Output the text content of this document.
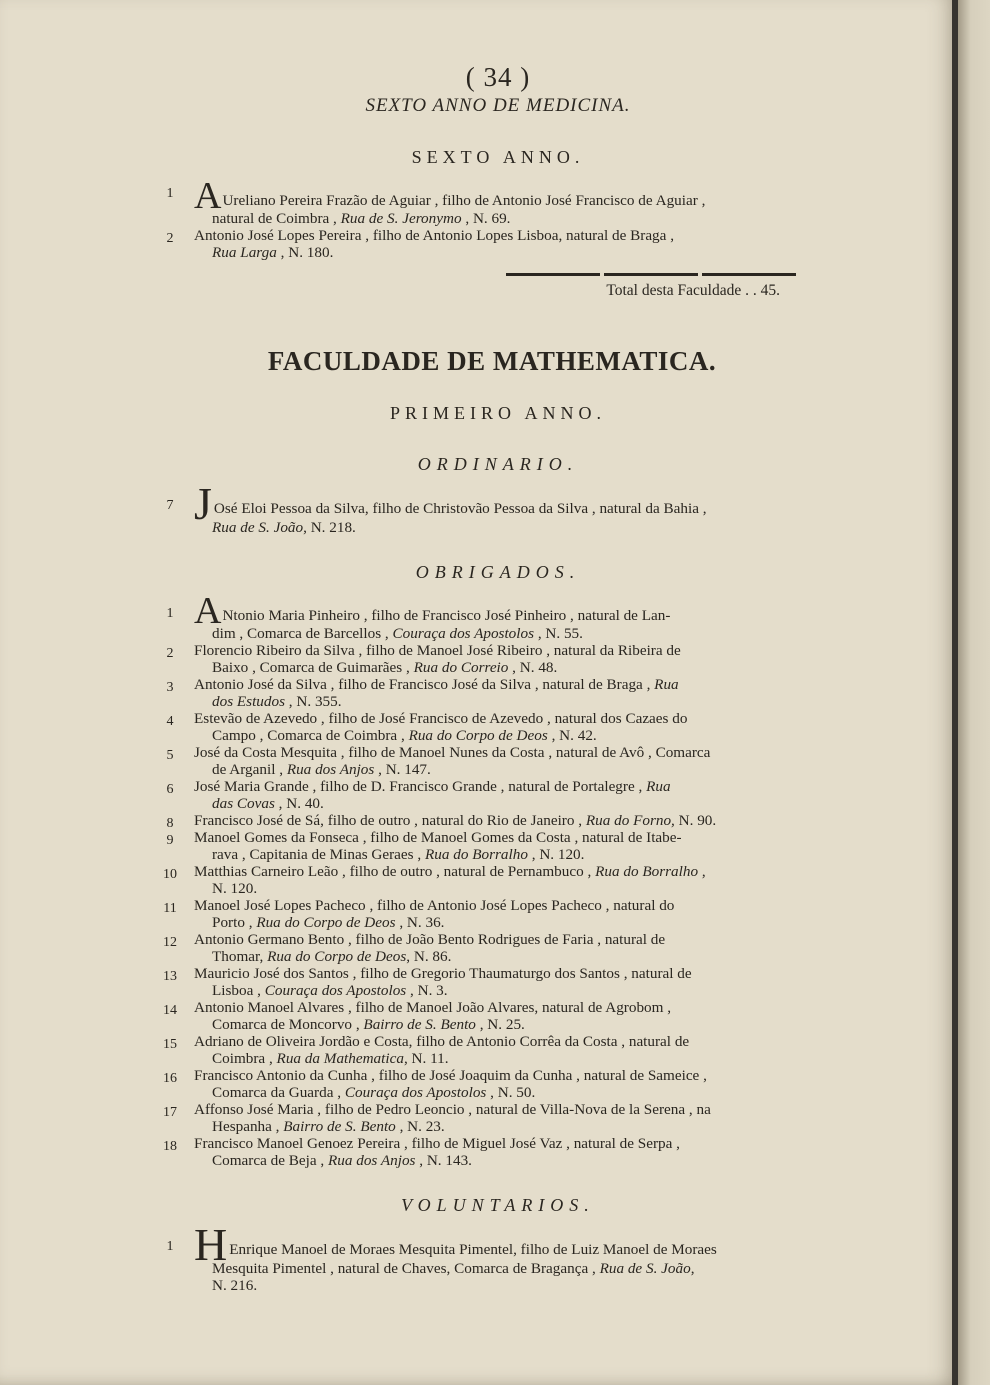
( 34 )
SEXTO ANNO DE MEDICINA.
SEXTO ANNO.
1 AUreliano Pereira Frazão de Aguiar , filho de Antonio José Francisco de Aguiar ,
natural de Coimbra , Rua de S. Jeronymo , N. 69.
2	Antonio José Lopes Pereira , filho de Antonio Lopes Lisboa, natural de Braga ,
Rua Larga , N. 180.
Total desta Faculdade . . 45.
FACULDADE DE MATHEMATICA.
PRIMEIRO ANNO.
ORDINARIO.
7 J Osé Eloi Pessoa da Silva, filho de Christovão Pessoa da Silva , natural da Bahia ,
Rua de S. João, N. 218.
OBRIGADOS.
1 ANtonio Maria Pinheiro , filho de Francisco José Pinheiro , natural de Lan-
dim , Comarca de Barcellos , Couraça dos Apostolos , N. 55.
2	Florencio Ribeiro da Silva , filho de Manoel José Ribeiro , natural da Ribeira de
Baixo , Comarca de Guimarães , Rua do Correio , N. 48.
3	Antonio José da Silva , filho de Francisco José da Silva , natural de Braga , Rua
dos Estudos , N. 355.
4	Estevão de Azevedo , filho de José Francisco de Azevedo , natural dos Cazaes do
Campo , Comarca de Coimbra , Rua do Corpo de Deos , N. 42.
5	José da Costa Mesquita , filho de Manoel Nunes da Costa , natural de Avô , Comarca
de Arganil , Rua dos Anjos , N. 147.
6	José Maria Grande , filho de D. Francisco Grande , natural de Portalegre , Rua
das Covas , N. 40.
8	Francisco José de Sá, filho de outro , natural do Rio de Janeiro , Rua do Forno, N. 90.
9	Manoel Gomes da Fonseca , filho de Manoel Gomes da Costa , natural de Itabe-
rava , Capitania de Minas Geraes , Rua do Borralho , N. 120.
10	Matthias Carneiro Leão , filho de outro , natural de Pernambuco , Rua do Borralho ,
N. 120.
11	Manoel José Lopes Pacheco , filho de Antonio José Lopes Pacheco , natural do
Porto , Rua do Corpo de Deos , N. 36.
12	Antonio Germano Bento , filho de João Bento Rodrigues de Faria , natural de
Thomar, Rua do Corpo de Deos, N. 86.
13	Mauricio José dos Santos , filho de Gregorio Thaumaturgo dos Santos , natural de
Lisboa , Couraça dos Apostolos , N. 3.
14	Antonio Manoel Alvares , filho de Manoel João Alvares, natural de Agrobom ,
Comarca de Moncorvo , Bairro de S. Bento , N. 25.
15	Adriano de Oliveira Jordão e Costa, filho de Antonio Corrêa da Costa , natural de
Coimbra , Rua da Mathematica, N. 11.
16	Francisco Antonio da Cunha , filho de José Joaquim da Cunha , natural de Sameice ,
Comarca da Guarda , Couraça dos Apostolos , N. 50.
17	Affonso José Maria , filho de Pedro Leoncio , natural de Villa-Nova de la Serena , na
Hespanha , Bairro de S. Bento , N. 23.
18	Francisco Manoel Genoez Pereira , filho de Miguel José Vaz , natural de Serpa ,
Comarca de Beja , Rua dos Anjos , N. 143.
VOLUNTARIOS.
1 H Enrique Manoel de Moraes Mesquita Pimentel, filho de Luiz Manoel de Moraes
Mesquita Pimentel , natural de Chaves, Comarca de Bragança , Rua de S. João,
N. 216.
